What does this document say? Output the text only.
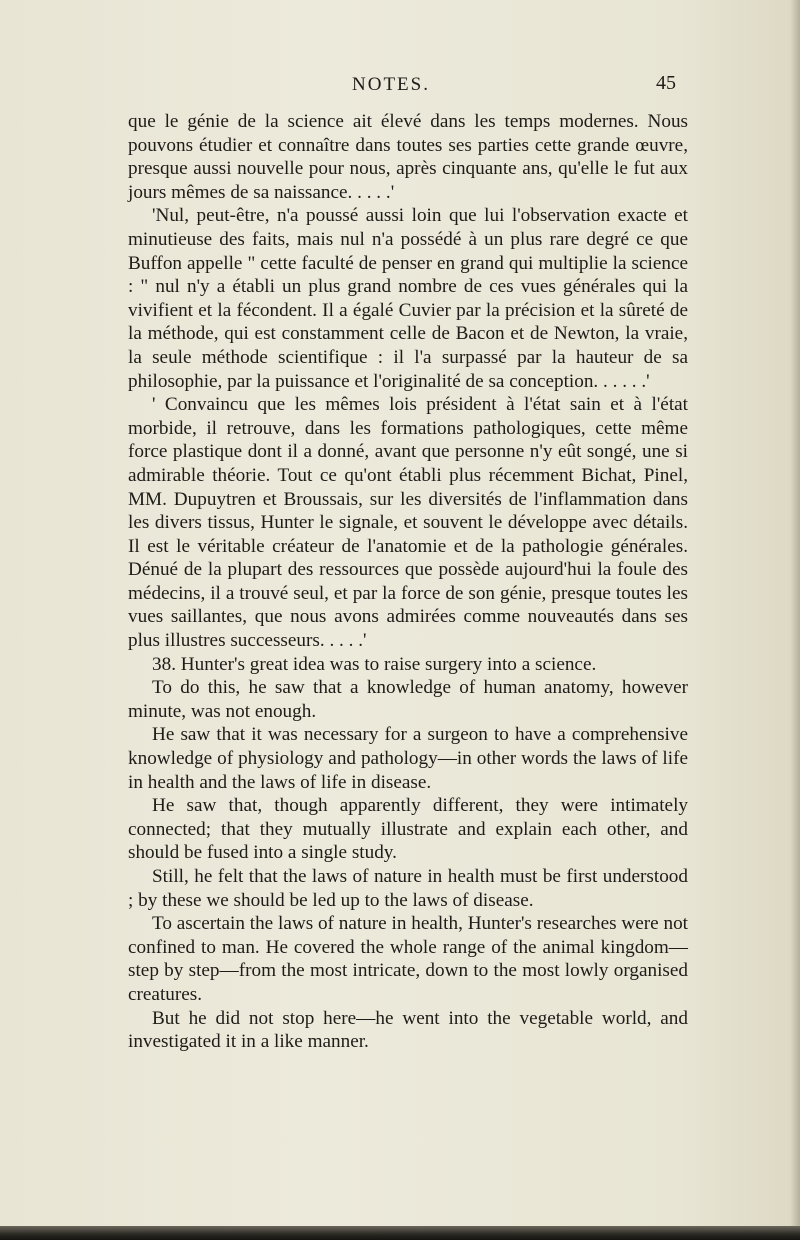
NOTES.	45

que le génie de la science ait élevé dans les temps modernes. Nous pouvons étudier et connaître dans toutes ses parties cette grande œuvre, presque aussi nouvelle pour nous, après cinquante ans, qu'elle le fut aux jours mêmes de sa naissance. . . . .'

'Nul, peut-être, n'a poussé aussi loin que lui l'observation exacte et minutieuse des faits, mais nul n'a possédé à un plus rare degré ce que Buffon appelle " cette faculté de penser en grand qui multiplie la science : " nul n'y a établi un plus grand nombre de ces vues générales qui la vivifient et la fécondent. Il a égalé Cuvier par la précision et la sûreté de la méthode, qui est constamment celle de Bacon et de Newton, la vraie, la seule méthode scientifique : il l'a surpassé par la hauteur de sa philosophie, par la puissance et l'originalité de sa conception. . . . . .'

' Convaincu que les mêmes lois président à l'état sain et à l'état morbide, il retrouve, dans les formations pathologiques, cette même force plastique dont il a donné, avant que personne n'y eût songé, une si admirable théorie. Tout ce qu'ont établi plus récemment Bichat, Pinel, MM. Dupuytren et Broussais, sur les diversités de l'inflammation dans les divers tissus, Hunter le signale, et souvent le développe avec détails. Il est le véritable créateur de l'anatomie et de la pathologie générales. Dénué de la plupart des ressources que possède aujourd'hui la foule des médecins, il a trouvé seul, et par la force de son génie, presque toutes les vues saillantes, que nous avons admirées comme nouveautés dans ses plus illustres successeurs. . . . .'

38. Hunter's great idea was to raise surgery into a science.

To do this, he saw that a knowledge of human anatomy, however minute, was not enough.

He saw that it was necessary for a surgeon to have a comprehensive knowledge of physiology and pathology—in other words the laws of life in health and the laws of life in disease.

He saw that, though apparently different, they were intimately connected; that they mutually illustrate and explain each other, and should be fused into a single study.

Still, he felt that the laws of nature in health must be first understood ; by these we should be led up to the laws of disease.

To ascertain the laws of nature in health, Hunter's researches were not confined to man. He covered the whole range of the animal kingdom—step by step—from the most intricate, down to the most lowly organised creatures.

But he did not stop here—he went into the vegetable world, and investigated it in a like manner.
